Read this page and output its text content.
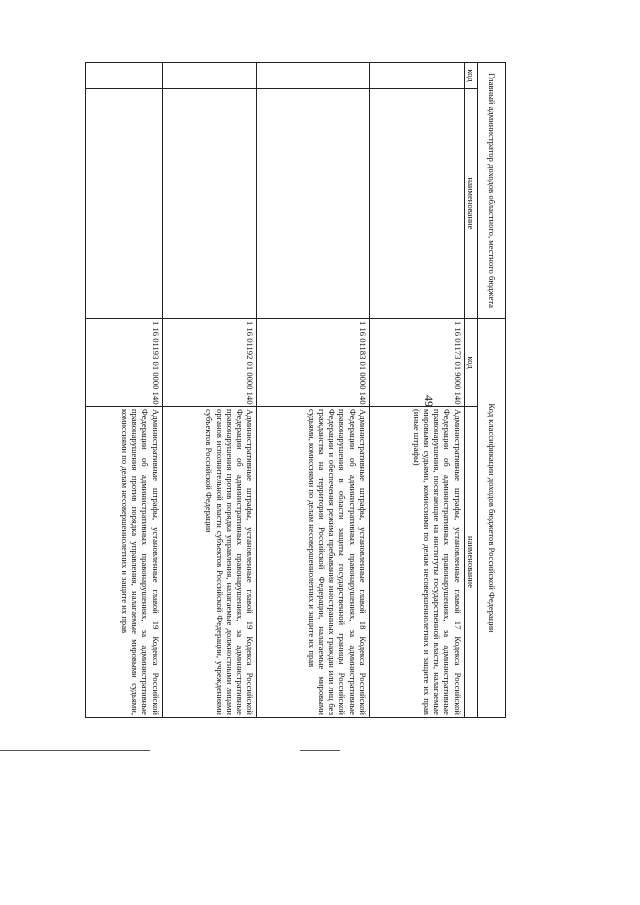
49
Главный администратор доходов областного, местного бюджета		Код классификации доходов бюджетов Российской Федерации	
код	наименование	код	наименование
		1 16 01173 01 9000 140	Административные штрафы, установленные главой 17 Кодекса Российской Федерации об административных правонарушениях, за административные правонарушения, посягающие на институты государственной власти, налагаемые мировыми судьями, комиссиями по делам несовершеннолетних и защите их прав (иные штрафы)
		1 16 01183 01 0000 140	Административные штрафы, установленные главой 18 Кодекса Российской Федерации об административных правонарушениях, за административные правонарушения в области защиты государственной границы Российской Федерации и обеспечения режима пребывания иностранных граждан или лиц без гражданства на территории Российской Федерации, налагаемые мировыми судьями, комиссиями по делам несовершеннолетних и защите их прав
		1 16 01192 01 0000 140	Административные штрафы, установленные главой 19 Кодекса Российской Федерации об административных правонарушениях, за административные правонарушения против порядка управления, налагаемые должностными лицами органов исполнительной власти субъектов Российской Федерации, учреждениями субъектов Российской Федерации
		1 16 01193 01 0000 140	Административные штрафы, установленные главой 19 Кодекса Российской Федерации об административных правонарушениях, за административные правонарушения против порядка управления, налагаемые мировыми судьями, комиссиями по делам несовершеннолетних и защите их прав
